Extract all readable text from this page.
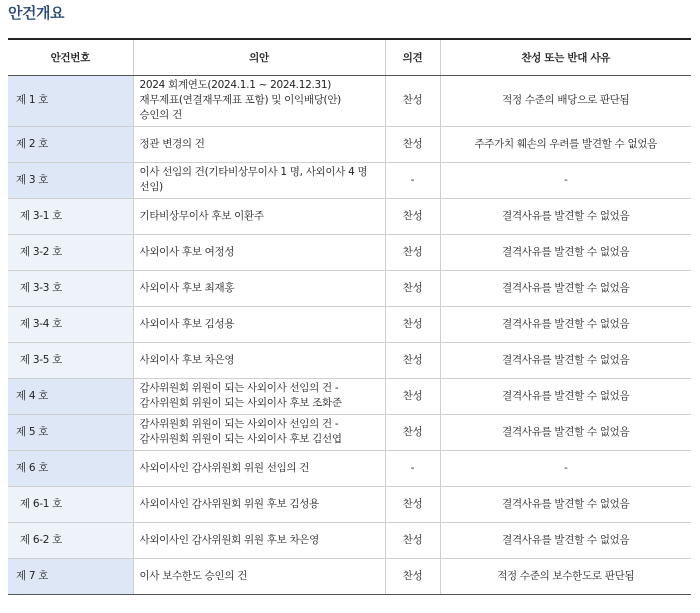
안건개요
안건번호	의안	의견	찬성 또는 반대 사유
제 1 호	2024 회계연도(2024.1.1 ~ 2024.12.31)
재무제표(연결재무제표 포함) 및 이익배당(안)
승인의 건	찬성	적정 수준의 배당으로 판단됨
제 2 호	정관 변경의 건	찬성	주주가치 훼손의 우려를 발견할 수 없었음
제 3 호	이사 선임의 건(기타비상무이사 1 명, 사외이사 4 명
선임)	-	-
제 3-1 호	기타비상무이사 후보 이환주	찬성	결격사유를 발견할 수 없었음
제 3-2 호	사외이사 후보 여정성	찬성	결격사유를 발견할 수 없었음
제 3-3 호	사외이사 후보 최재홍	찬성	결격사유를 발견할 수 없었음
제 3-4 호	사외이사 후보 김성용	찬성	결격사유를 발견할 수 없었음
제 3-5 호	사외이사 후보 차은영	찬성	결격사유를 발견할 수 없었음
제 4 호	감사위원회 위원이 되는 사외이사 선임의 건 -
감사위원회 위원이 되는 사외이사 후보 조화준	찬성	결격사유를 발견할 수 없었음
제 5 호	감사위원회 위원이 되는 사외이사 선임의 건 -
감사위원회 위원이 되는 사외이사 후보 김선엽	찬성	결격사유를 발견할 수 없었음
제 6 호	사외이사인 감사위원회 위원 선임의 건	-	-
제 6-1 호	사외이사인 감사위원회 위원 후보 김성용	찬성	결격사유를 발견할 수 없었음
제 6-2 호	사외이사인 감사위원회 위원 후보 차은영	찬성	결격사유를 발견할 수 없었음
제 7 호	이사 보수한도 승인의 건	찬성	적정 수준의 보수한도로 판단됨
